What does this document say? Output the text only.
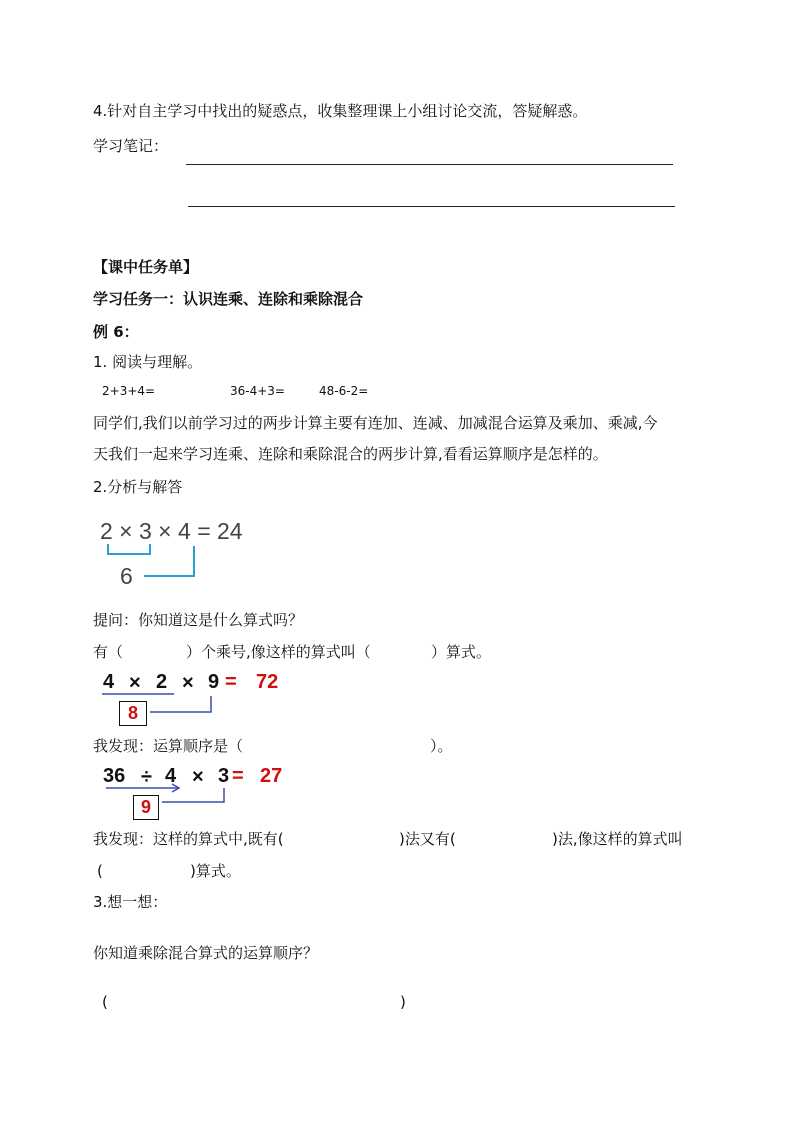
4.针对自主学习中找出的疑惑点，收集整理课上小组讨论交流，答疑解惑。
学习笔记：
【课中任务单】
学习任务一：认识连乘、连除和乘除混合
例 6：
1. 阅读与理解。
2+3+4=	36-4+3=	48-6-2=
同学们,我们以前学习过的两步计算主要有连加、连减、加减混合运算及乘加、乘减,今
天我们一起来学习连乘、连除和乘除混合的两步计算,看看运算顺序是怎样的。
2.分析与解答
2 × 3 × 4 = 24
6
提问：你知道这是什么算式吗？
有（	）个乘号,像这样的算式叫（	）算式。
4 × 2 × 9 = 72
8
我发现：运算顺序是（	）。
36 ÷ 4 × 3 = 27
9
我发现：这样的算式中,既有(	)法又有(	)法,像这样的算式叫
(	)算式。
3.想一想：
你知道乘除混合算式的运算顺序？
(	)
